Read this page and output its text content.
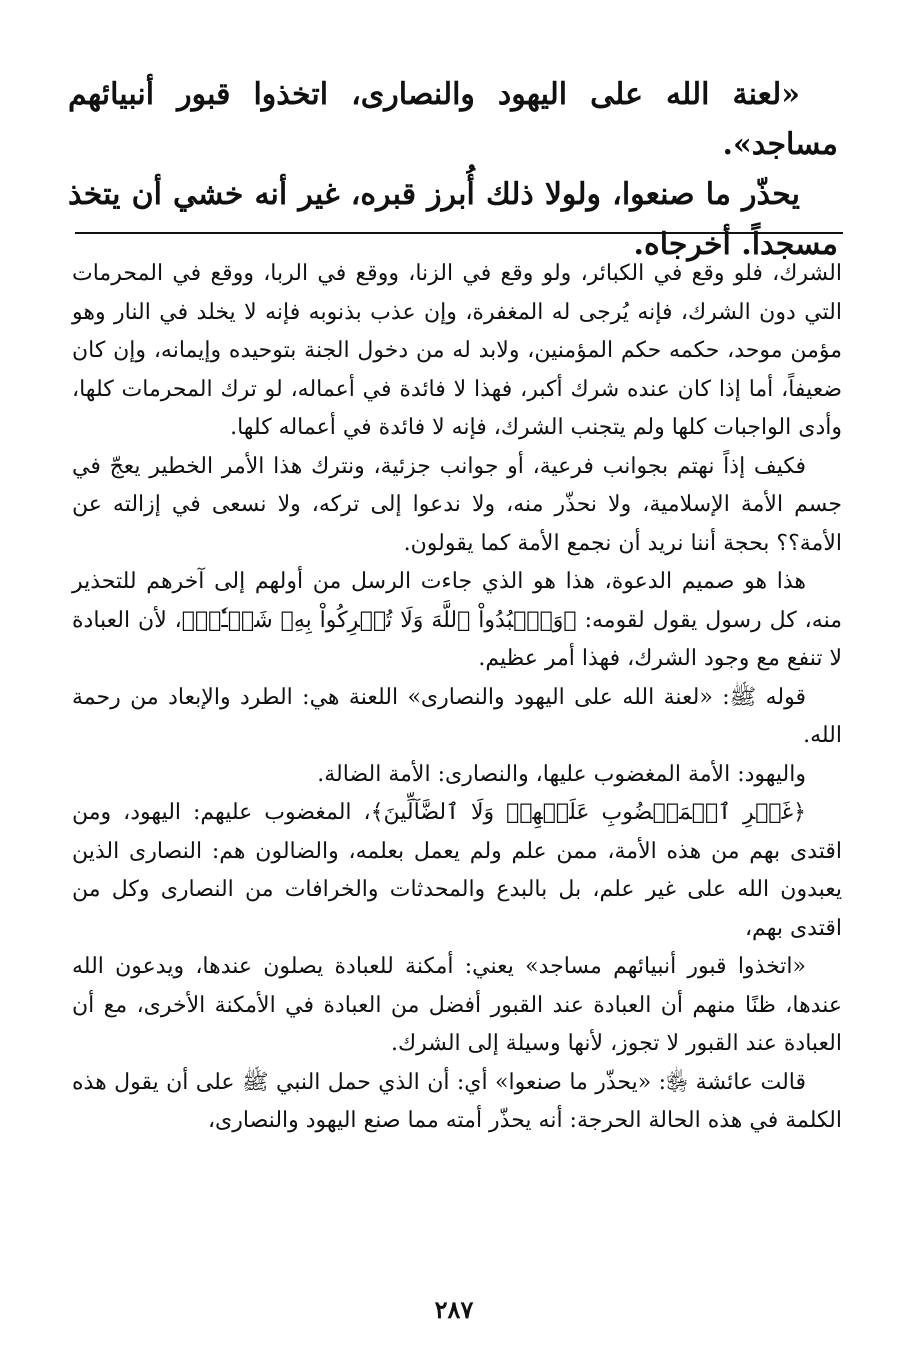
«لعنة الله على اليهود والنصارى، اتخذوا قبور أنبيائهم مساجد».

يحذّر ما صنعوا، ولولا ذلك أُبرز قبره، غير أنه خشي أن يتخذ مسجداً. أخرجاه.

الشرك، فلو وقع في الكبائر، ولو وقع في الزنا، ووقع في الربا، ووقع في المحرمات التي دون الشرك، فإنه يُرجى له المغفرة، وإن عذب بذنوبه فإنه لا يخلد في النار وهو مؤمن موحد، حكمه حكم المؤمنين، ولابد له من دخول الجنة بتوحيده وإيمانه، وإن كان ضعيفاً، أما إذا كان عنده شرك أكبر، فهذا لا فائدة في أعماله، لو ترك المحرمات كلها، وأدى الواجبات كلها ولم يتجنب الشرك، فإنه لا فائدة في أعماله كلها.

فكيف إذاً نهتم بجوانب فرعية، أو جوانب جزئية، ونترك هذا الأمر الخطير يعجّ في جسم الأمة الإسلامية، ولا نحذّر منه، ولا ندعوا إلى تركه، ولا نسعى في إزالته عن الأمة؟؟ بحجة أننا نريد أن نجمع الأمة كما يقولون.

هذا هو صميم الدعوة، هذا هو الذي جاءت الرسل من أولهم إلى آخرهم للتحذير منه، كل رسول يقول لقومه: ﴿وَٱعۡبُدُواْ ٱللَّهَ وَلَا تُشۡرِكُواْ بِهِۦ شَيۡـٔٗاۖ﴾، لأن العبادة لا تنفع مع وجود الشرك، فهذا أمر عظيم.

قوله ﷺ: «لعنة الله على اليهود والنصارى» اللعنة هي: الطرد والإبعاد من رحمة الله.

واليهود: الأمة المغضوب عليها، والنصارى: الأمة الضالة.

﴿غَيۡرِ ٱلۡمَغۡضُوبِ عَلَيۡهِمۡ وَلَا ٱلضَّآلِّينَ﴾، المغضوب عليهم: اليهود، ومن اقتدى بهم من هذه الأمة، ممن علم ولم يعمل بعلمه، والضالون هم: النصارى الذين يعبدون الله على غير علم، بل بالبدع والمحدثات والخرافات من النصارى وكل من اقتدى بهم،

«اتخذوا قبور أنبيائهم مساجد» يعني: أمكنة للعبادة يصلون عندها، ويدعون الله عندها، ظنًا منهم أن العبادة عند القبور أفضل من العبادة في الأمكنة الأخرى، مع أن العبادة عند القبور لا تجوز، لأنها وسيلة إلى الشرك.

قالت عائشة ﵂: «يحذّر ما صنعوا» أي: أن الذي حمل النبي ﷺ على أن يقول هذه الكلمة في هذه الحالة الحرجة: أنه يحذّر أمته مما صنع اليهود والنصارى،

٢٨٧
